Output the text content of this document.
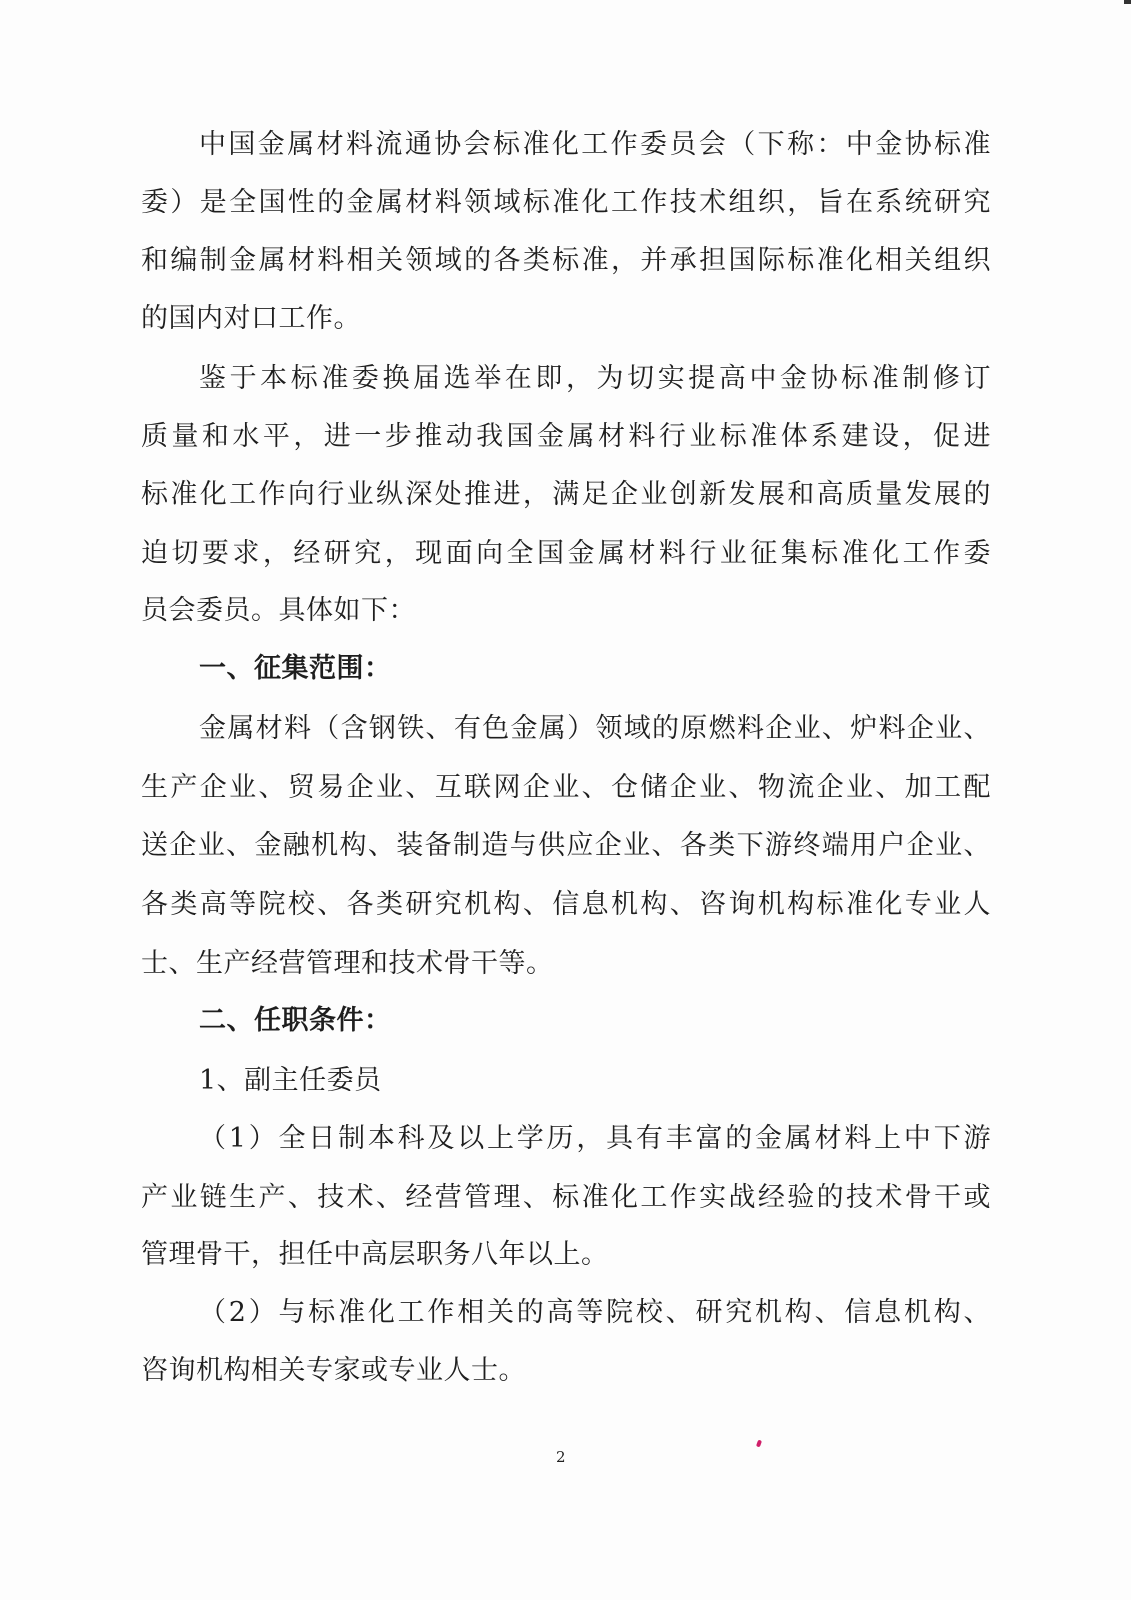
中国金属材料流通协会标准化工作委员会（下称：中金协标准
委）是全国性的金属材料领域标准化工作技术组织，旨在系统研究
和编制金属材料相关领域的各类标准，并承担国际标准化相关组织
的国内对口工作。
鉴于本标准委换届选举在即，为切实提高中金协标准制修订
质量和水平，进一步推动我国金属材料行业标准体系建设，促进
标准化工作向行业纵深处推进，满足企业创新发展和高质量发展的
迫切要求，经研究，现面向全国金属材料行业征集标准化工作委
员会委员。具体如下：
一、征集范围：
金属材料（含钢铁、有色金属）领域的原燃料企业、炉料企业、
生产企业、贸易企业、互联网企业、仓储企业、物流企业、加工配
送企业、金融机构、装备制造与供应企业、各类下游终端用户企业、
各类高等院校、各类研究机构、信息机构、咨询机构标准化专业人
士、生产经营管理和技术骨干等。
二、任职条件：
1、副主任委员
（1）全日制本科及以上学历，具有丰富的金属材料上中下游
产业链生产、技术、经营管理、标准化工作实战经验的技术骨干或
管理骨干，担任中高层职务八年以上。
（2）与标准化工作相关的高等院校、研究机构、信息机构、
咨询机构相关专家或专业人士。
2
